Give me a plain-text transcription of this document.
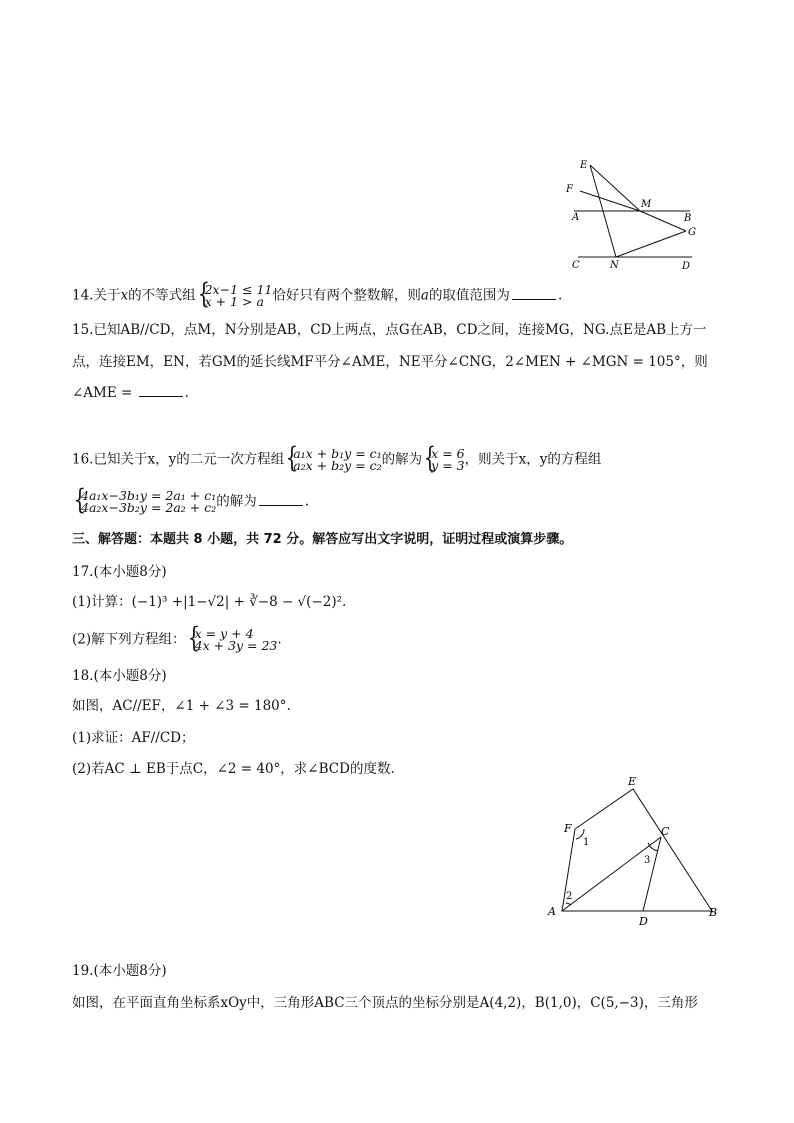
E
F
M
A	B
G
C	N	D
14.关于x的不等式组 { 2x−1 ≤ 11
x + 1 > a 恰好只有两个整数解，则a的取值范围为	.
15.已知AB//CD，点M，N分别是AB，CD上两点，点G在AB，CD之间，连接MG，NG.点E是AB上方一
点，连接EM，EN，若GM的延长线MF平分∠AME，NE平分∠CNG，2∠MEN + ∠MGN = 105°，则
∠AME =	.
16.已知关于x，y的二元一次方程组 { a₁x + b₁y = c₁
a₂x + b₂y = c₂ 的解为 { x = 6
y = 3 ，则关于x，y的方程组
{ 4a₁x−3b₁y = 2a₁ + c₁
4a₂x−3b₂y = 2a₂ + c₂ 的解为	.
三、解答题：本题共 8 小题，共 72 分。解答应写出文字说明，证明过程或演算步骤。
17.(本小题8分)
(1)计算：(−1)³ +|1−√2| + ∛−8 − √(−2)².
(2)解下列方程组： { x = y + 4
4x + 3y = 23 .
18.(本小题8分)
如图，AC//EF，∠1 + ∠3 = 180°.
(1)求证：AF//CD；
(2)若AC ⊥ EB于点C，∠2 = 40°，求∠BCD的度数.
E
F	C
A
D
B
1
2
3
19.(本小题8分)
如图，在平面直角坐标系xOy中，三角形ABC三个顶点的坐标分别是A(4,2)，B(1,0)，C(5,−3)，三角形
